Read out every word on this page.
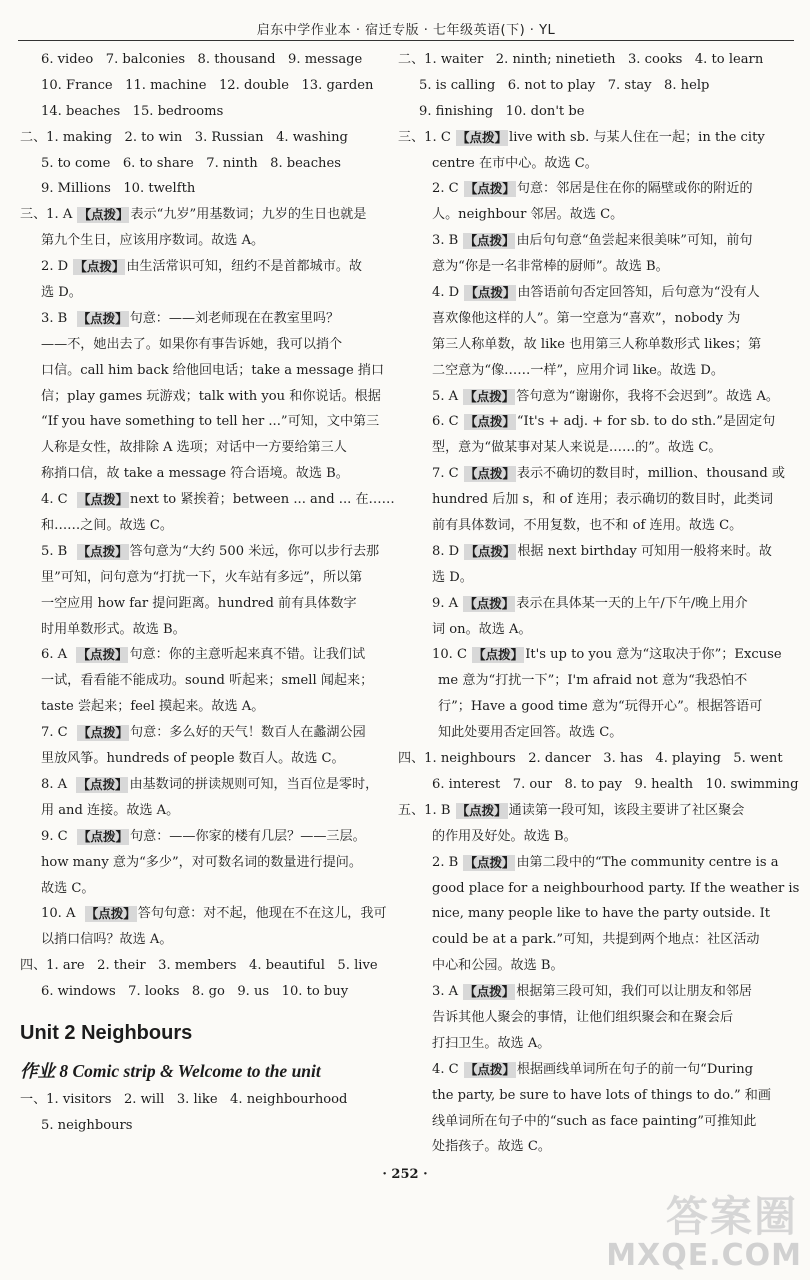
启东中学作业本 · 宿迁专版 · 七年级英语(下) · YL
6. video   7. balconies   8. thousand   9. message
10. France   11. machine   12. double   13. garden
14. beaches   15. bedrooms
二、1. making   2. to win   3. Russian   4. washing
5. to come   6. to share   7. ninth   8. beaches
9. Millions   10. twelfth
三、1. A 【点拨】 表示“九岁”用基数词；九岁的生日也就是
第九个生日，应该用序数词。故选 A。
2. D 【点拨】 由生活常识可知，纽约不是首都城市。故
选 D。
3. B 【点拨】 句意：——刘老师现在在教室里吗？
——不，她出去了。如果你有事告诉她，我可以捎个
口信。call him back 给他回电话；take a message 捎口
信；play games 玩游戏；talk with you 和你说话。根据
“If you have something to tell her ...”可知，文中第三
人称是女性，故排除 A 选项；对话中一方要给第三人
称捎口信，故 take a message 符合语境。故选 B。
4. C 【点拨】 next to 紧挨着；between ... and ... 在……
和……之间。故选 C。
5. B 【点拨】 答句意为“大约 500 米远，你可以步行去那
里”可知，问句意为“打扰一下，火车站有多远”，所以第
一空应用 how far 提问距离。hundred 前有具体数字
时用单数形式。故选 B。
6. A 【点拨】 句意：你的主意听起来真不错。让我们试
一试，看看能不能成功。sound 听起来；smell 闻起来；
taste 尝起来；feel 摸起来。故选 A。
7. C 【点拨】 句意：多么好的天气！数百人在蠡湖公园
里放风筝。hundreds of people 数百人。故选 C。
8. A 【点拨】 由基数词的拼读规则可知，当百位是零时，
用 and 连接。故选 A。
9. C 【点拨】 句意：——你家的楼有几层？——三层。
how many 意为“多少”，对可数名词的数量进行提问。
故选 C。
10. A 【点拨】 答句句意：对不起，他现在不在这儿，我可
以捎口信吗？故选 A。
四、1. are   2. their   3. members   4. beautiful   5. live
6. windows   7. looks   8. go   9. us   10. to buy
Unit 2 Neighbours
作业 8 Comic strip & Welcome to the unit
一、1. visitors   2. will   3. like   4. neighbourhood
5. neighbours
二、1. waiter   2. ninth; ninetieth   3. cooks   4. to learn
5. is calling   6. not to play   7. stay   8. help
9. finishing   10. don't be
三、1. C 【点拨】 live with sb. 与某人住在一起；in the city
centre 在市中心。故选 C。
2. C 【点拨】 句意：邻居是住在你的隔壁或你的附近的
人。neighbour 邻居。故选 C。
3. B 【点拨】 由后句句意“鱼尝起来很美味”可知，前句
意为“你是一名非常棒的厨师”。故选 B。
4. D 【点拨】 由答语前句否定回答知，后句意为“没有人
喜欢像他这样的人”。第一空意为“喜欢”，nobody 为
第三人称单数，故 like 也用第三人称单数形式 likes；第
二空意为“像……一样”，应用介词 like。故选 D。
5. A 【点拨】 答句意为“谢谢你，我将不会迟到”。故选 A。
6. C 【点拨】 “It's + adj. + for sb. to do sth.”是固定句
型，意为“做某事对某人来说是……的”。故选 C。
7. C 【点拨】 表示不确切的数目时，million、thousand 或
hundred 后加 s，和 of 连用；表示确切的数目时，此类词
前有具体数词，不用复数，也不和 of 连用。故选 C。
8. D 【点拨】 根据 next birthday 可知用一般将来时。故
选 D。
9. A 【点拨】 表示在具体某一天的上午/下午/晚上用介
词 on。故选 A。
10. C 【点拨】 It's up to you 意为“这取决于你”；Excuse
me 意为“打扰一下”；I'm afraid not 意为“我恐怕不
行”；Have a good time 意为“玩得开心”。根据答语可
知此处要用否定回答。故选 C。
四、1. neighbours   2. dancer   3. has   4. playing   5. went
6. interest   7. our   8. to pay   9. health   10. swimming
五、1. B 【点拨】 通读第一段可知，该段主要讲了社区聚会
的作用及好处。故选 B。
2. B 【点拨】 由第二段中的“The community centre is a
good place for a neighbourhood party. If the weather is
nice, many people like to have the party outside. It
could be at a park.”可知，共提到两个地点：社区活动
中心和公园。故选 B。
3. A 【点拨】 根据第三段可知，我们可以让朋友和邻居
告诉其他人聚会的事情，让他们组织聚会和在聚会后
打扫卫生。故选 A。
4. C 【点拨】 根据画线单词所在句子的前一句“During
the party, be sure to have lots of things to do.” 和画
线单词所在句子中的“such as face painting”可推知此
处指孩子。故选 C。
· 252 ·
答案圈
MXQE.COM
